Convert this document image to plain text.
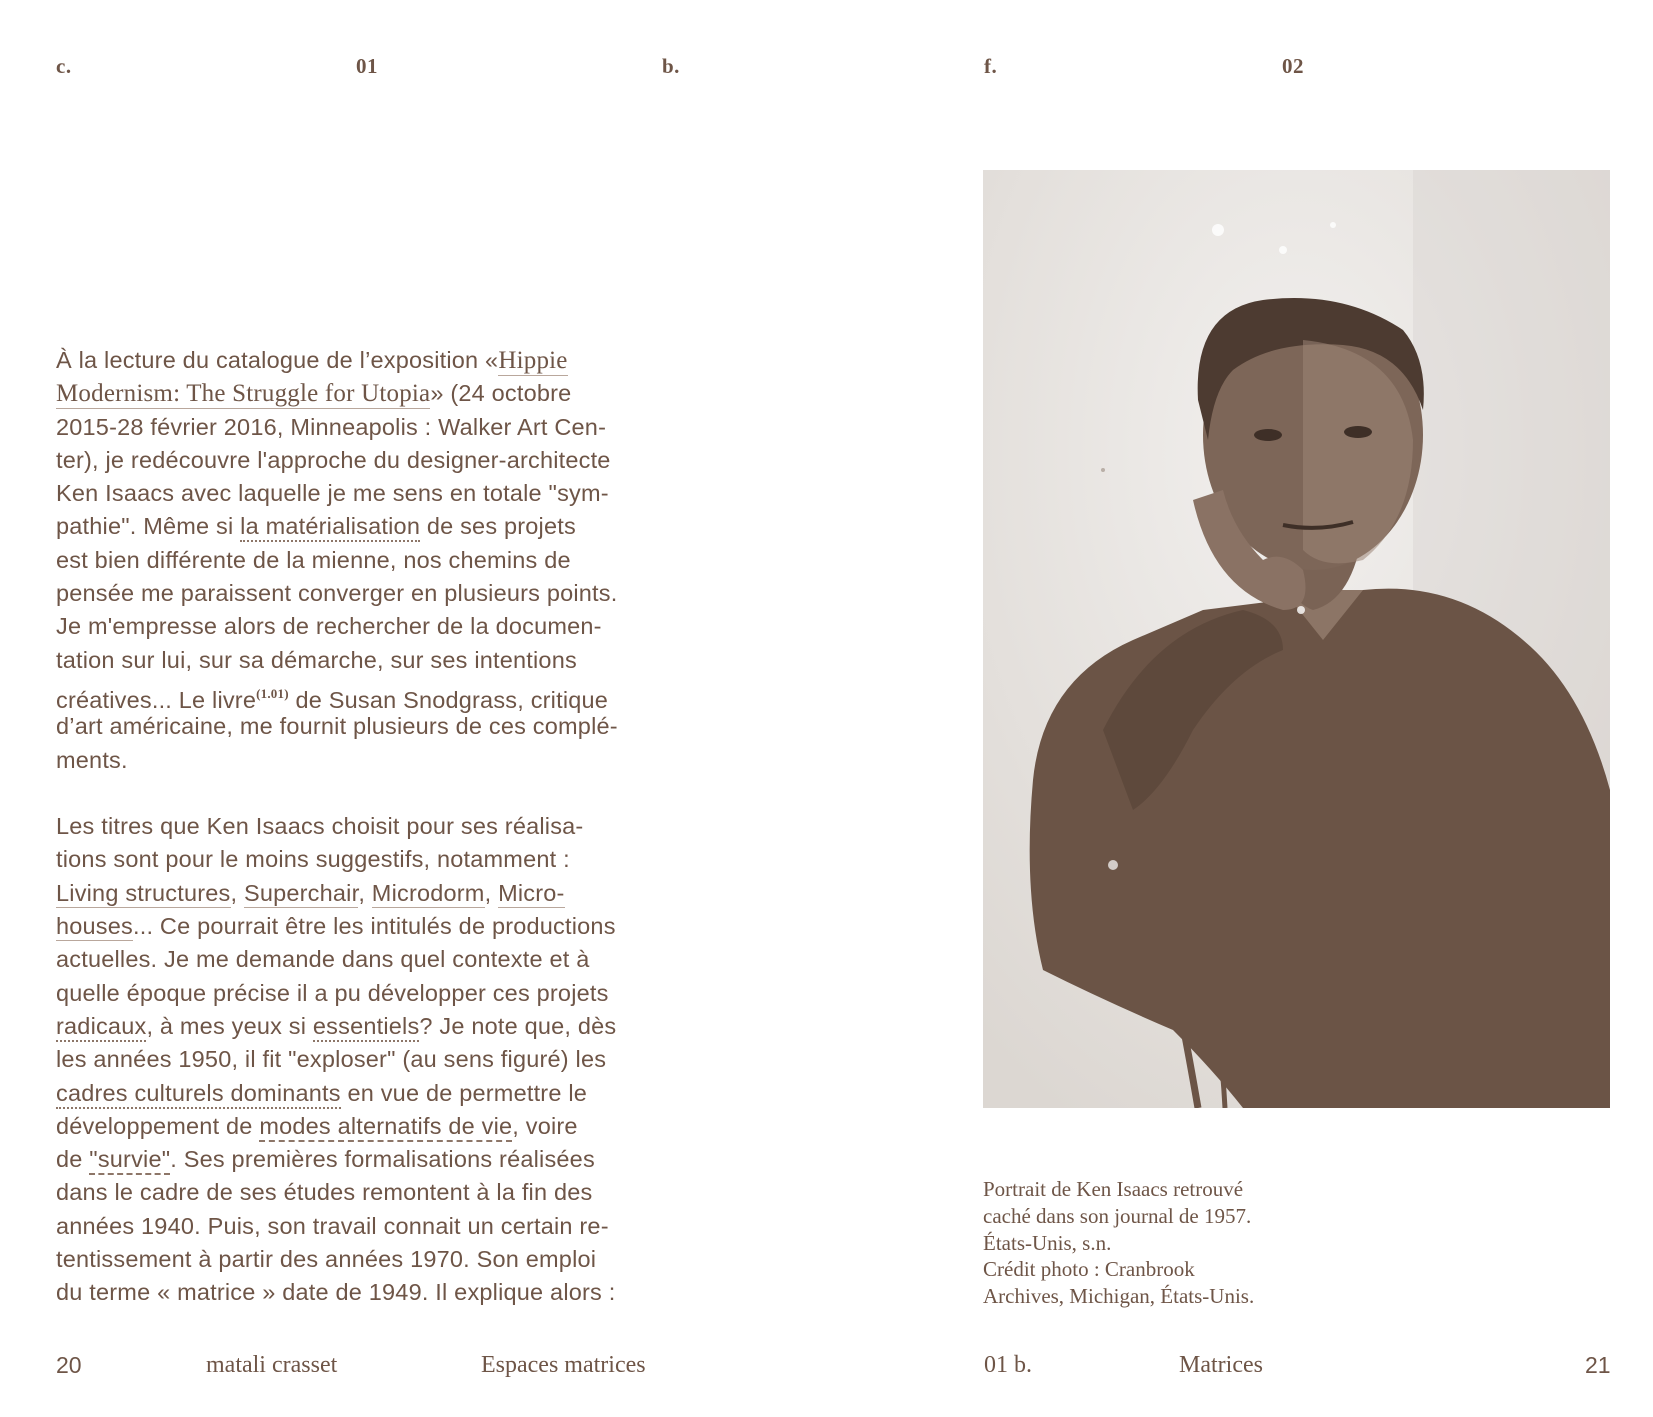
c.	01	b.	f.	02
À la lecture du catalogue de l’exposition «Hippie
Modernism: The Struggle for Utopia» (24 octobre
2015-28 février 2016, Minneapolis : Walker Art Cen-
ter), je redécouvre l'approche du designer-architecte
Ken Isaacs avec laquelle je me sens en totale "sym-
pathie". Même si la matérialisation de ses projets
est bien différente de la mienne, nos chemins de
pensée me paraissent converger en plusieurs points.
Je m'empresse alors de rechercher de la documen-
tation sur lui, sur sa démarche, sur ses intentions
créatives... Le livre$^{(1.01)}$ de Susan Snodgrass, critique
d’art américaine, me fournit plusieurs de ces complé-
ments.
Les titres que Ken Isaacs choisit pour ses réalisa-
tions sont pour le moins suggestifs, notamment :
Living structures, Superchair, Microdorm, Micro-
houses... Ce pourrait être les intitulés de productions
actuelles. Je me demande dans quel contexte et à
quelle époque précise il a pu développer ces projets
radicaux, à mes yeux si essentiels? Je note que, dès
les années 1950, il fit "exploser" (au sens figuré) les
cadres culturels dominants en vue de permettre le
développement de modes alternatifs de vie, voire
de "survie". Ses premières formalisations réalisées
dans le cadre de ses études remontent à la fin des
années 1940. Puis, son travail connait un certain re-
tentissement à partir des années 1970. Son emploi
du terme « matrice » date de 1949. Il explique alors :
Portrait de Ken Isaacs retrouvé
caché dans son journal de 1957.
États-Unis, s.n.
Crédit photo : Cranbrook
Archives, Michigan, États-Unis.
20	matali crasset	Espaces matrices	01 b.	Matrices	21
